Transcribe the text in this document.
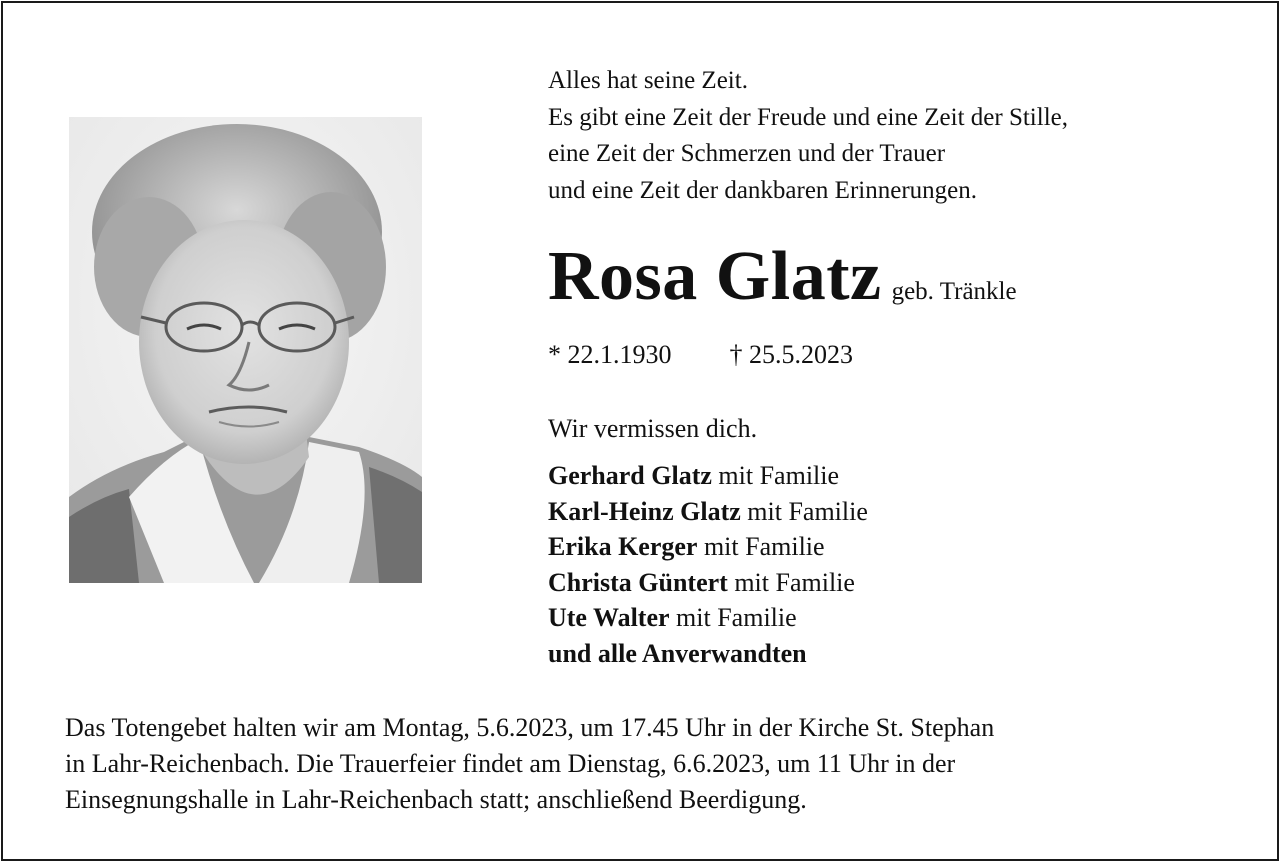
Alles hat seine Zeit.
Es gibt eine Zeit der Freude und eine Zeit der Stille,
eine Zeit der Schmerzen und der Trauer
und eine Zeit der dankbaren Erinnerungen.
Rosa Glatz geb. Tränkle
* 22.1.1930 † 25.5.2023
Wir vermissen dich.
Gerhard Glatz mit Familie
Karl-Heinz Glatz mit Familie
Erika Kerger mit Familie
Christa Güntert mit Familie
Ute Walter mit Familie
und alle Anverwandten
Das Totengebet halten wir am Montag, 5.6.2023, um 17.45 Uhr in der Kirche St. Stephan
in Lahr-Reichenbach. Die Trauerfeier findet am Dienstag, 6.6.2023, um 11 Uhr in der
Einsegnungshalle in Lahr-Reichenbach statt; anschließend Beerdigung.
